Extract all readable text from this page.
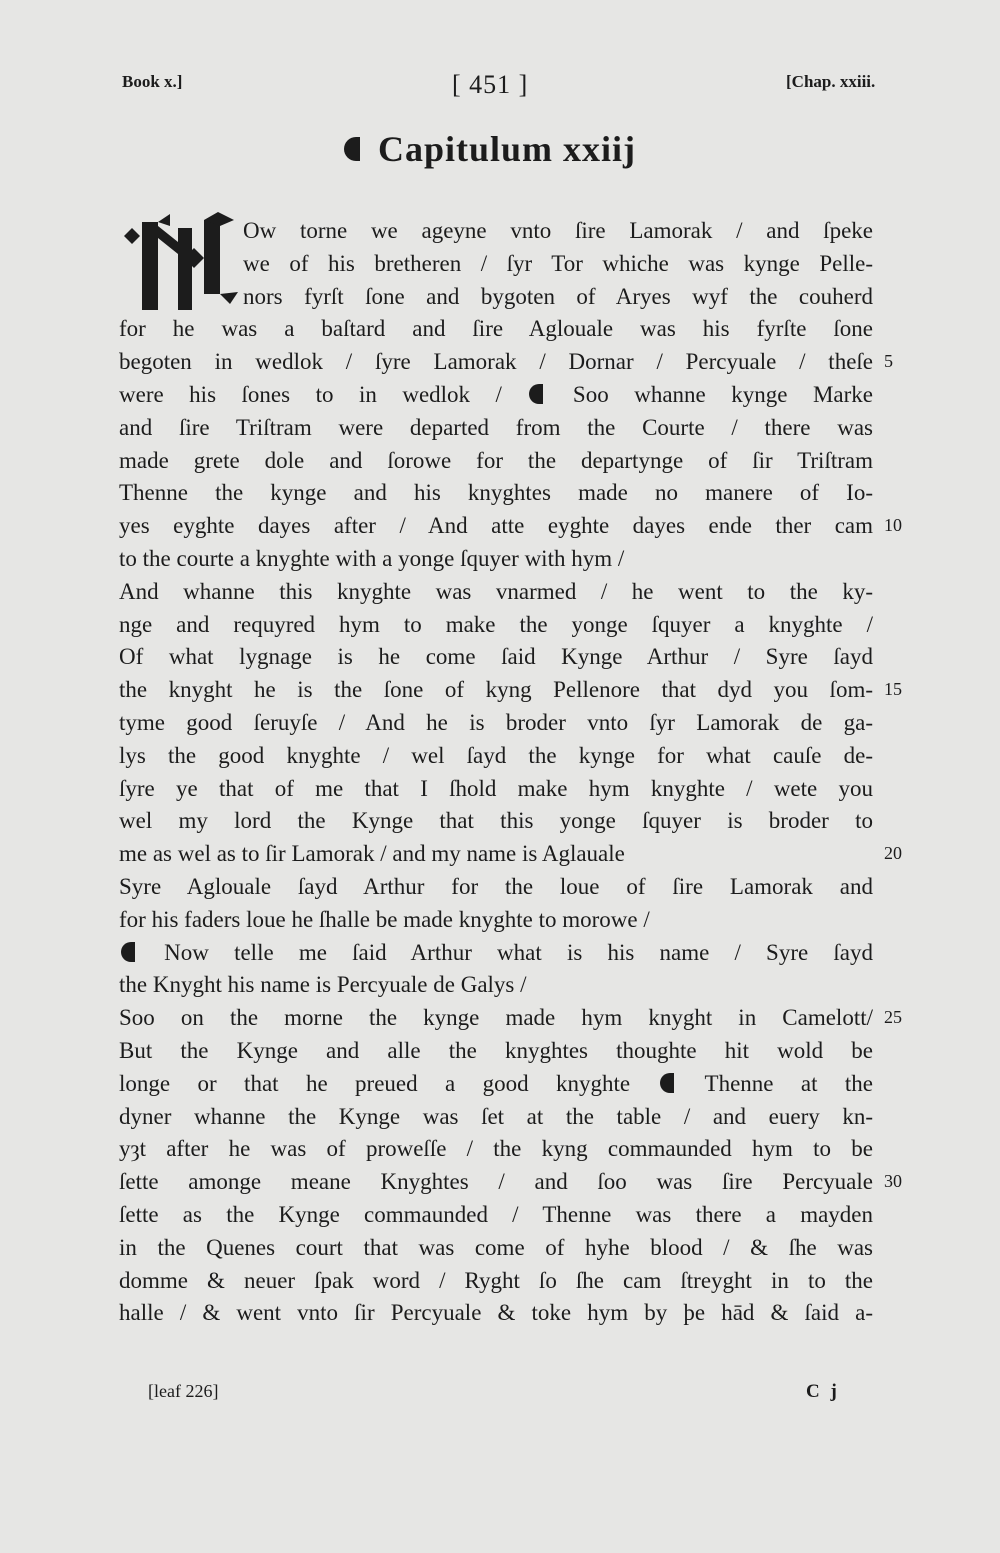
Book x.]	[ 451 ]	[Chap. xxiii.
Capitulum xxiij
Ow torne we ageyne vnto ſire Lamorak / and ſpeke
we of his bretheren / ſyr Tor whiche was kynge Pelle-
nors fyrſt ſone and bygoten of Aryes wyf the couherd
for he was a baſtard and ſire Aglouale was his fyrſte ſone
begoten in wedlok / ſyre Lamorak / Dornar / Percyuale / theſe 5
were his ſones to in wedlok /  Soo whanne kynge Marke
and ſire Triſtram were departed from the Courte / there was
made grete dole and ſorowe for the departynge of ſir Triſtram
Thenne the kynge and his knyghtes made no manere of Io-
yes eyghte dayes after / And atte eyghte dayes ende ther cam 10
to the courte a knyghte with a yonge ſquyer with hym /
And whanne this knyghte was vnarmed / he went to the ky-
nge and requyred hym to make the yonge ſquyer a knyghte /
Of what lygnage is he come ſaid Kynge Arthur / Syre ſayd
the knyght he is the ſone of kyng Pellenore that dyd you ſom- 15
tyme good ſeruyſe / And he is broder vnto ſyr Lamorak de ga-
lys the good knyghte / wel ſayd the kynge for what cauſe de-
ſyre ye that of me that I ſhold make hym knyghte / wete you
wel my lord the Kynge that this yonge ſquyer is broder to
me as wel as to ſir Lamorak / and my name is Aglauale	20
Syre Aglouale ſayd Arthur for the loue of ſire Lamorak and
for his faders loue he ſhalle be made knyghte to morowe /
Now telle me ſaid Arthur what is his name / Syre ſayd
the Knyght his name is Percyuale de Galys /
Soo on the morne the kynge made hym knyght in Camelott/ 25
But the Kynge and alle the knyghtes thoughte hit wold be
longe or that he preued a good knyghte  Thenne at the
dyner whanne the Kynge was ſet at the table / and euery kn-
yȝt after he was of proweſſe / the kyng commaunded hym to be
ſette amonge meane Knyghtes / and ſoo was ſire Percyuale 30
ſette as the Kynge commaunded / Thenne was there a mayden
in the Quenes court that was come of hyhe blood / & ſhe was
domme & neuer ſpak word / Ryght ſo ſhe cam ſtreyght in to the
halle / & went vnto ſir Percyuale & toke hym by þe hād & ſaid a-
[leaf 226]	C j
